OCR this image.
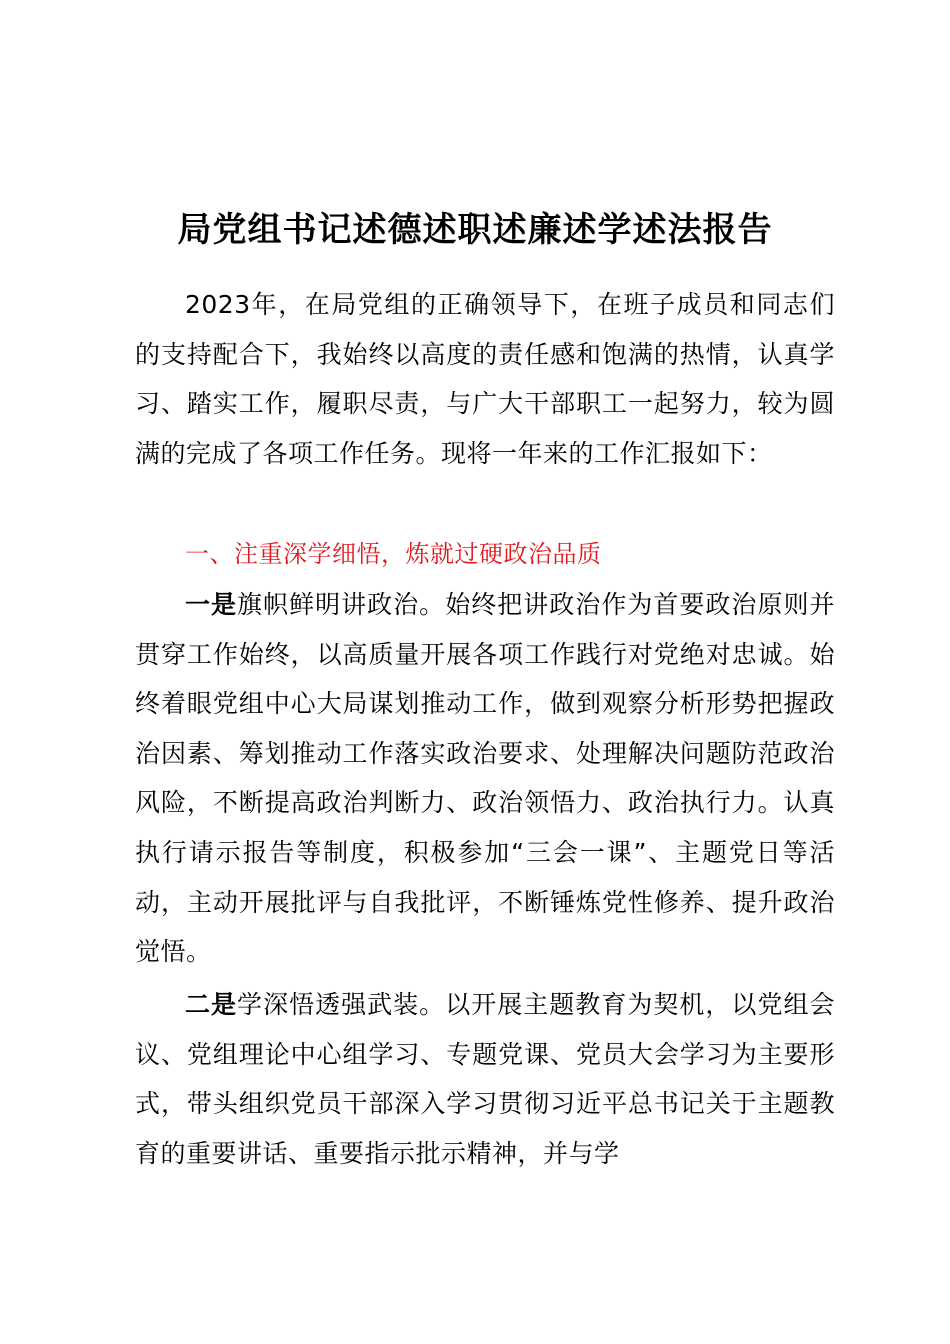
局党组书记述德述职述廉述学述法报告

2023年，在局党组的正确领导下，在班子成员和同志们的支持配合下，我始终以高度的责任感和饱满的热情，认真学习、踏实工作，履职尽责，与广大干部职工一起努力，较为圆满的完成了各项工作任务。现将一年来的工作汇报如下：

一、注重深学细悟，炼就过硬政治品质

一是旗帜鲜明讲政治。始终把讲政治作为首要政治原则并贯穿工作始终，以高质量开展各项工作践行对党绝对忠诚。始终着眼党组中心大局谋划推动工作，做到观察分析形势把握政治因素、筹划推动工作落实政治要求、处理解决问题防范政治风险，不断提高政治判断力、政治领悟力、政治执行力。认真执行请示报告等制度，积极参加“三会一课”、主题党日等活动，主动开展批评与自我批评，不断锤炼党性修养、提升政治觉悟。

二是学深悟透强武装。以开展主题教育为契机，以党组会议、党组理论中心组学习、专题党课、党员大会学习为主要形式，带头组织党员干部深入学习贯彻习近平总书记关于主题教育的重要讲话、重要指示批示精神，并与学
